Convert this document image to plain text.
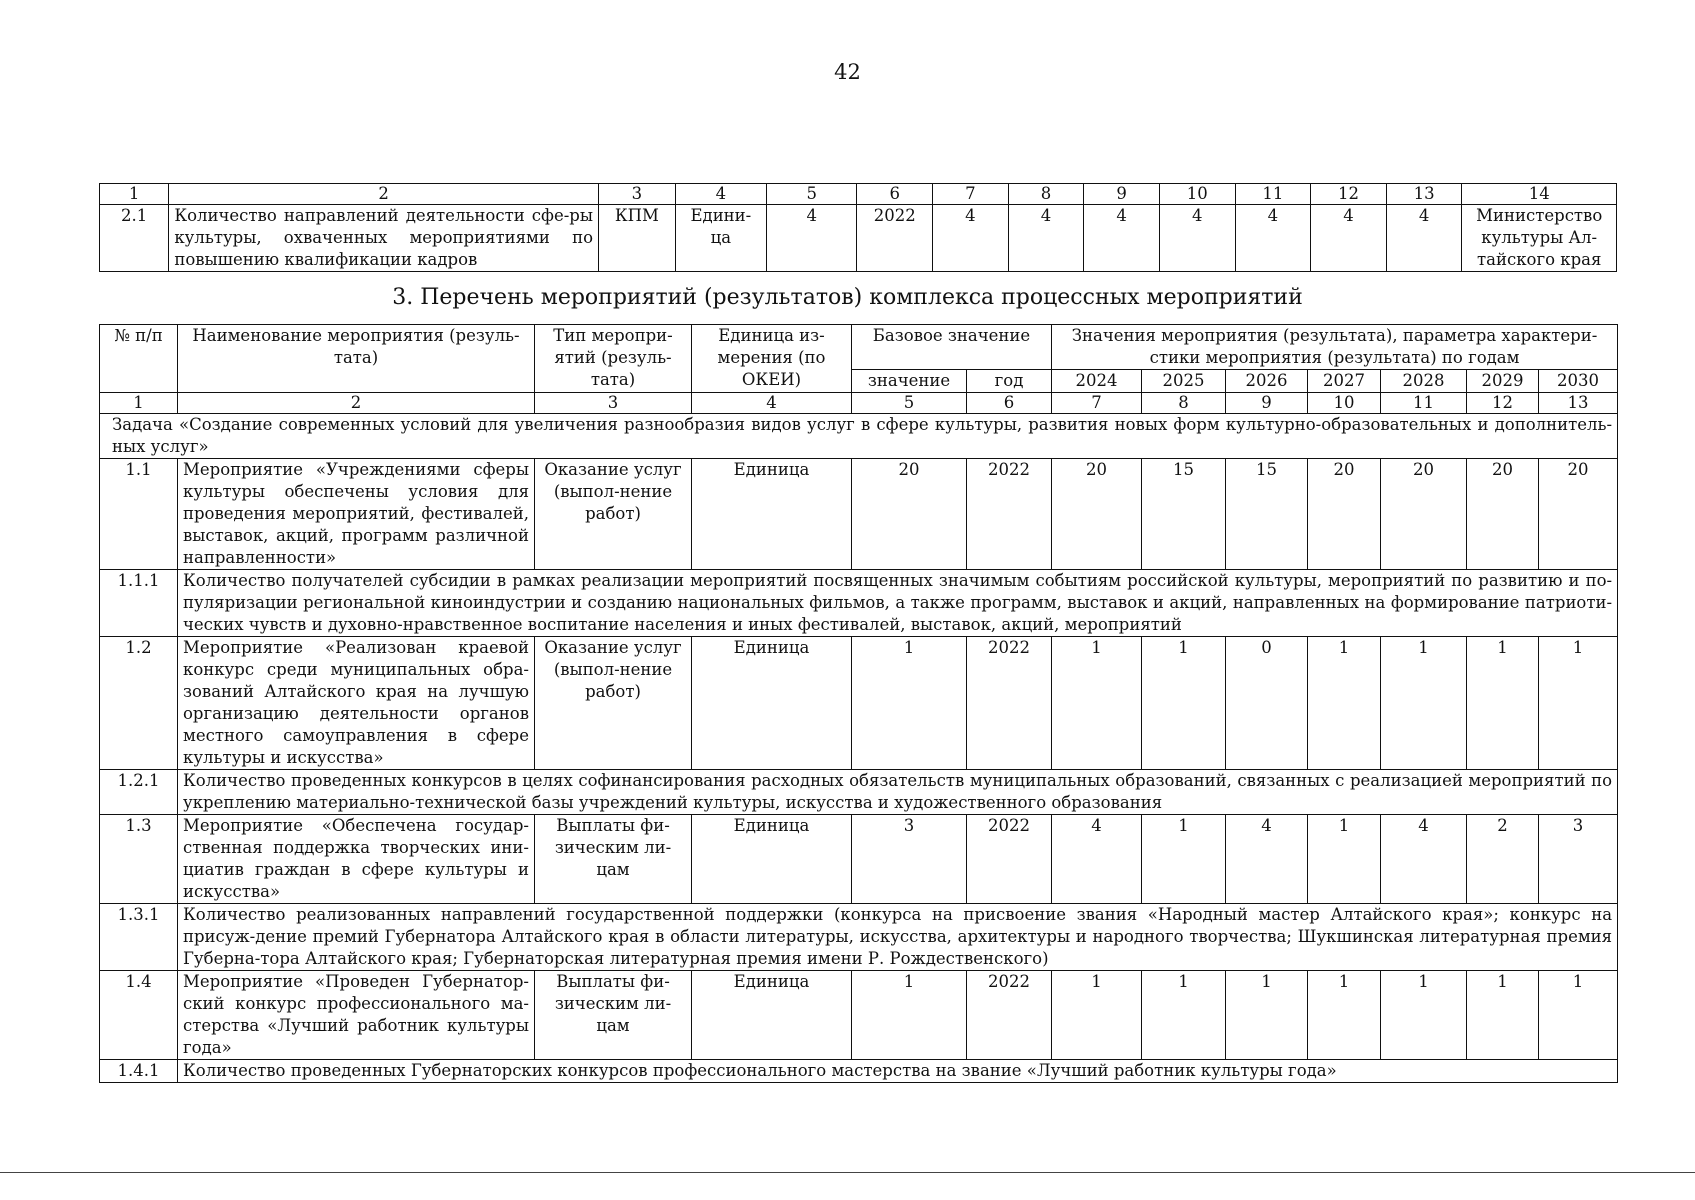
42
1	2	3	4	5	6	7	8	9	10	11	12	13	14
2.1	Количество направлений деятельности сфе-ры культуры, охваченных мероприятиями по повышению квалификации кадров	КПМ	Едини-ца	4	2022	4	4	4	4	4	4	4	Министерство культуры Ал-тайского края
3. Перечень мероприятий (результатов) комплекса процессных мероприятий
№ п/п	Наименование мероприятия (резуль-тата)	Тип меропри-ятий (резуль-тата)	Единица из-мерения (по ОКЕИ)	Базовое значение		Значения мероприятия (результата), параметра характери-стики мероприятия (результата) по годам						
				значение	год	2024	2025	2026	2027	2028	2029	2030
1	2	3	4	5	6	7	8	9	10	11	12	13
Задача «Создание современных условий для увеличения разнообразия видов услуг в сфере культуры, развития новых форм культурно-образовательных и дополнитель-ных услуг»												
1.1	Мероприятие «Учреждениями сферы культуры обеспечены условия для проведения мероприятий, фестивалей, выставок, акций, программ различной направленности»	Оказание услуг (выпол-нение работ)	Единица	20	2022	20	15	15	20	20	20	20
1.1.1	Количество получателей субсидии в рамках реализации мероприятий посвященных значимым событиям российской культуры, мероприятий по развитию и по-пуляризации региональной киноиндустрии и созданию национальных фильмов, а также программ, выставок и акций, направленных на формирование патриоти-ческих чувств и духовно-нравственное воспитание населения и иных фестивалей, выставок, акций, мероприятий											
1.2	Мероприятие «Реализован краевой конкурс среди муниципальных обра-зований Алтайского края на лучшую организацию деятельности органов местного самоуправления в сфере культуры и искусства»	Оказание услуг (выпол-нение работ)	Единица	1	2022	1	1	0	1	1	1	1
1.2.1	Количество проведенных конкурсов в целях софинансирования расходных обязательств муниципальных образований, связанных с реализацией мероприятий по укреплению материально-технической базы учреждений культуры, искусства и художественного образования											
1.3	Мероприятие «Обеспечена государ-ственная поддержка творческих ини-циатив граждан в сфере культуры и искусства»	Выплаты фи-зическим ли-цам	Единица	3	2022	4	1	4	1	4	2	3
1.3.1	Количество реализованных направлений государственной поддержки (конкурса на присвоение звания «Народный мастер Алтайского края»; конкурс на присуж-дение премий Губернатора Алтайского края в области литературы, искусства, архитектуры и народного творчества; Шукшинская литературная премия Губерна-тора Алтайского края; Губернаторская литературная премия имени Р. Рождественского)											
1.4	Мероприятие «Проведен Губернатор-ский конкурс профессионального ма-стерства «Лучший работник культуры года»	Выплаты фи-зическим ли-цам	Единица	1	2022	1	1	1	1	1	1	1
1.4.1	Количество проведенных Губернаторских конкурсов профессионального мастерства на звание «Лучший работник культуры года»											
